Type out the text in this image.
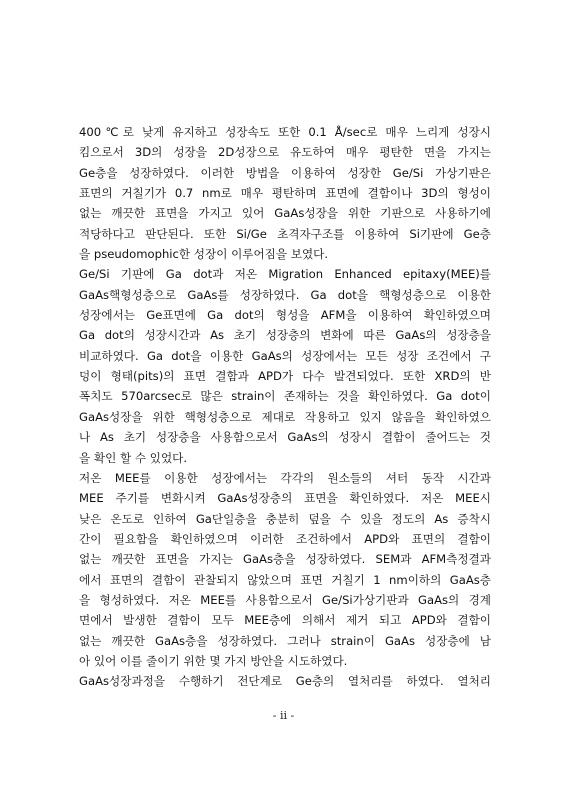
400℃로 낮게 유지하고 성장속도 또한 0.1 Å/sec로 매우 느리게 성장시
킴으로서 3D의 성장을 2D성장으로 유도하여 매우 평탄한 면을 가지는
Ge층을 성장하였다. 이러한 방법을 이용하여 성장한 Ge/Si 가상기판은
표면의 거칠기가 0.7 nm로 매우 평탄하며 표면에 결함이나 3D의 형성이
없는 깨끗한 표면을 가지고 있어 GaAs성장을 위한 기판으로 사용하기에
적당하다고 판단된다. 또한 Si/Ge 초격자구조를 이용하여 Si기판에 Ge층
을 pseudomophic한 성장이 이루어짐을 보였다.
Ge/Si 기판에 Ga dot과 저온 Migration Enhanced epitaxy(MEE)를
GaAs핵형성층으로 GaAs를 성장하였다. Ga dot을 핵형성층으로 이용한
성장에서는 Ge표면에 Ga dot의 형성을 AFM을 이용하여 확인하였으며
Ga dot의 성장시간과 As 초기 성장층의 변화에 따른 GaAs의 성장층을
비교하였다. Ga dot을 이용한 GaAs의 성장에서는 모든 성장 조건에서 구
덩이 형태(pits)의 표면 결함과 APD가 다수 발견되었다. 또한 XRD의 반
폭치도 570arcsec로 많은 strain이 존재하는 것을 확인하였다. Ga dot이
GaAs성장을 위한 핵형성층으로 제대로 작용하고 있지 않음을 확인하였으
나 As 초기 성장층을 사용함으로서 GaAs의 성장시 결함이 줄어드는 것
을 확인 할 수 있었다.
저온 MEE를 이용한 성장에서는 각각의 원소들의 셔터 동작 시간과
MEE 주기를 변화시켜 GaAs성장층의 표면을 확인하였다. 저온 MEE시
낮은 온도로 인하여 Ga단일층을 충분히 덮을 수 있을 정도의 As 증착시
간이 필요함을 확인하였으며 이러한 조건하에서 APD와 표면의 결함이
없는 깨끗한 표면을 가지는 GaAs층을 성장하였다. SEM과 AFM측정결과
에서 표면의 결함이 관찰되지 않았으며 표면 거칠기 1 nm이하의 GaAs층
을 형성하였다. 저온 MEE를 사용함으로서 Ge/Si가상기판과 GaAs의 경계
면에서 발생한 결함이 모두 MEE층에 의해서 제거 되고 APD와 결함이
없는 깨끗한 GaAs층을 성장하였다. 그러나 strain이 GaAs 성장층에 남
아 있어 이를 줄이기 위한 몇 가지 방안을 시도하였다.
GaAs성장과정을 수행하기 전단계로 Ge층의 열처리를 하였다. 열처리
- ii -
